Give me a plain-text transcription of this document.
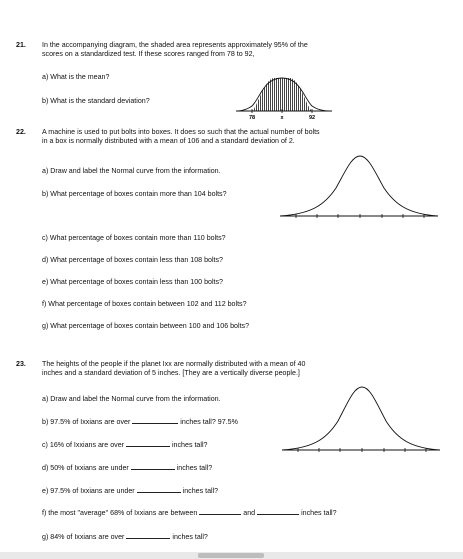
21. In the accompanying diagram, the shaded area represents approximately 95% of the
scores on a standardized test. If these scores ranged from 78 to 92,
a) What is the mean?
b) What is the standard deviation?
78	x	92
22. A machine is used to put bolts into boxes. It does so such that the actual number of bolts
in a box is normally distributed with a mean of 106 and a standard deviation of 2.
a) Draw and label the Normal curve from the information.
b) What percentage of boxes contain more than 104 bolts?
c) What percentage of boxes contain more than 110 bolts?
d) What percentage of boxes contain less than 108 bolts?
e) What percentage of boxes contain less than 100 bolts?
f) What percentage of boxes contain between 102 and 112 bolts?
g) What percentage of boxes contain between 100 and 106 bolts?
23. The heights of the people if the planet Ixx are normally distributed with a mean of 40
inches and a standard deviation of 5 inches. [They are a vertically diverse people.]
a) Draw and label the Normal curve from the information.
b) 97.5% of Ixxians are over	inches tall? 97.5%
c) 16% of Ixxians are over	inches tall?
d) 50% of Ixxians are under	inches tall?
e) 97.5% of Ixxians are under	inches tall?
f) the most "average" 68% of Ixxians are between	and	inches tall?
g) 84% of Ixxians are over	inches tall?
